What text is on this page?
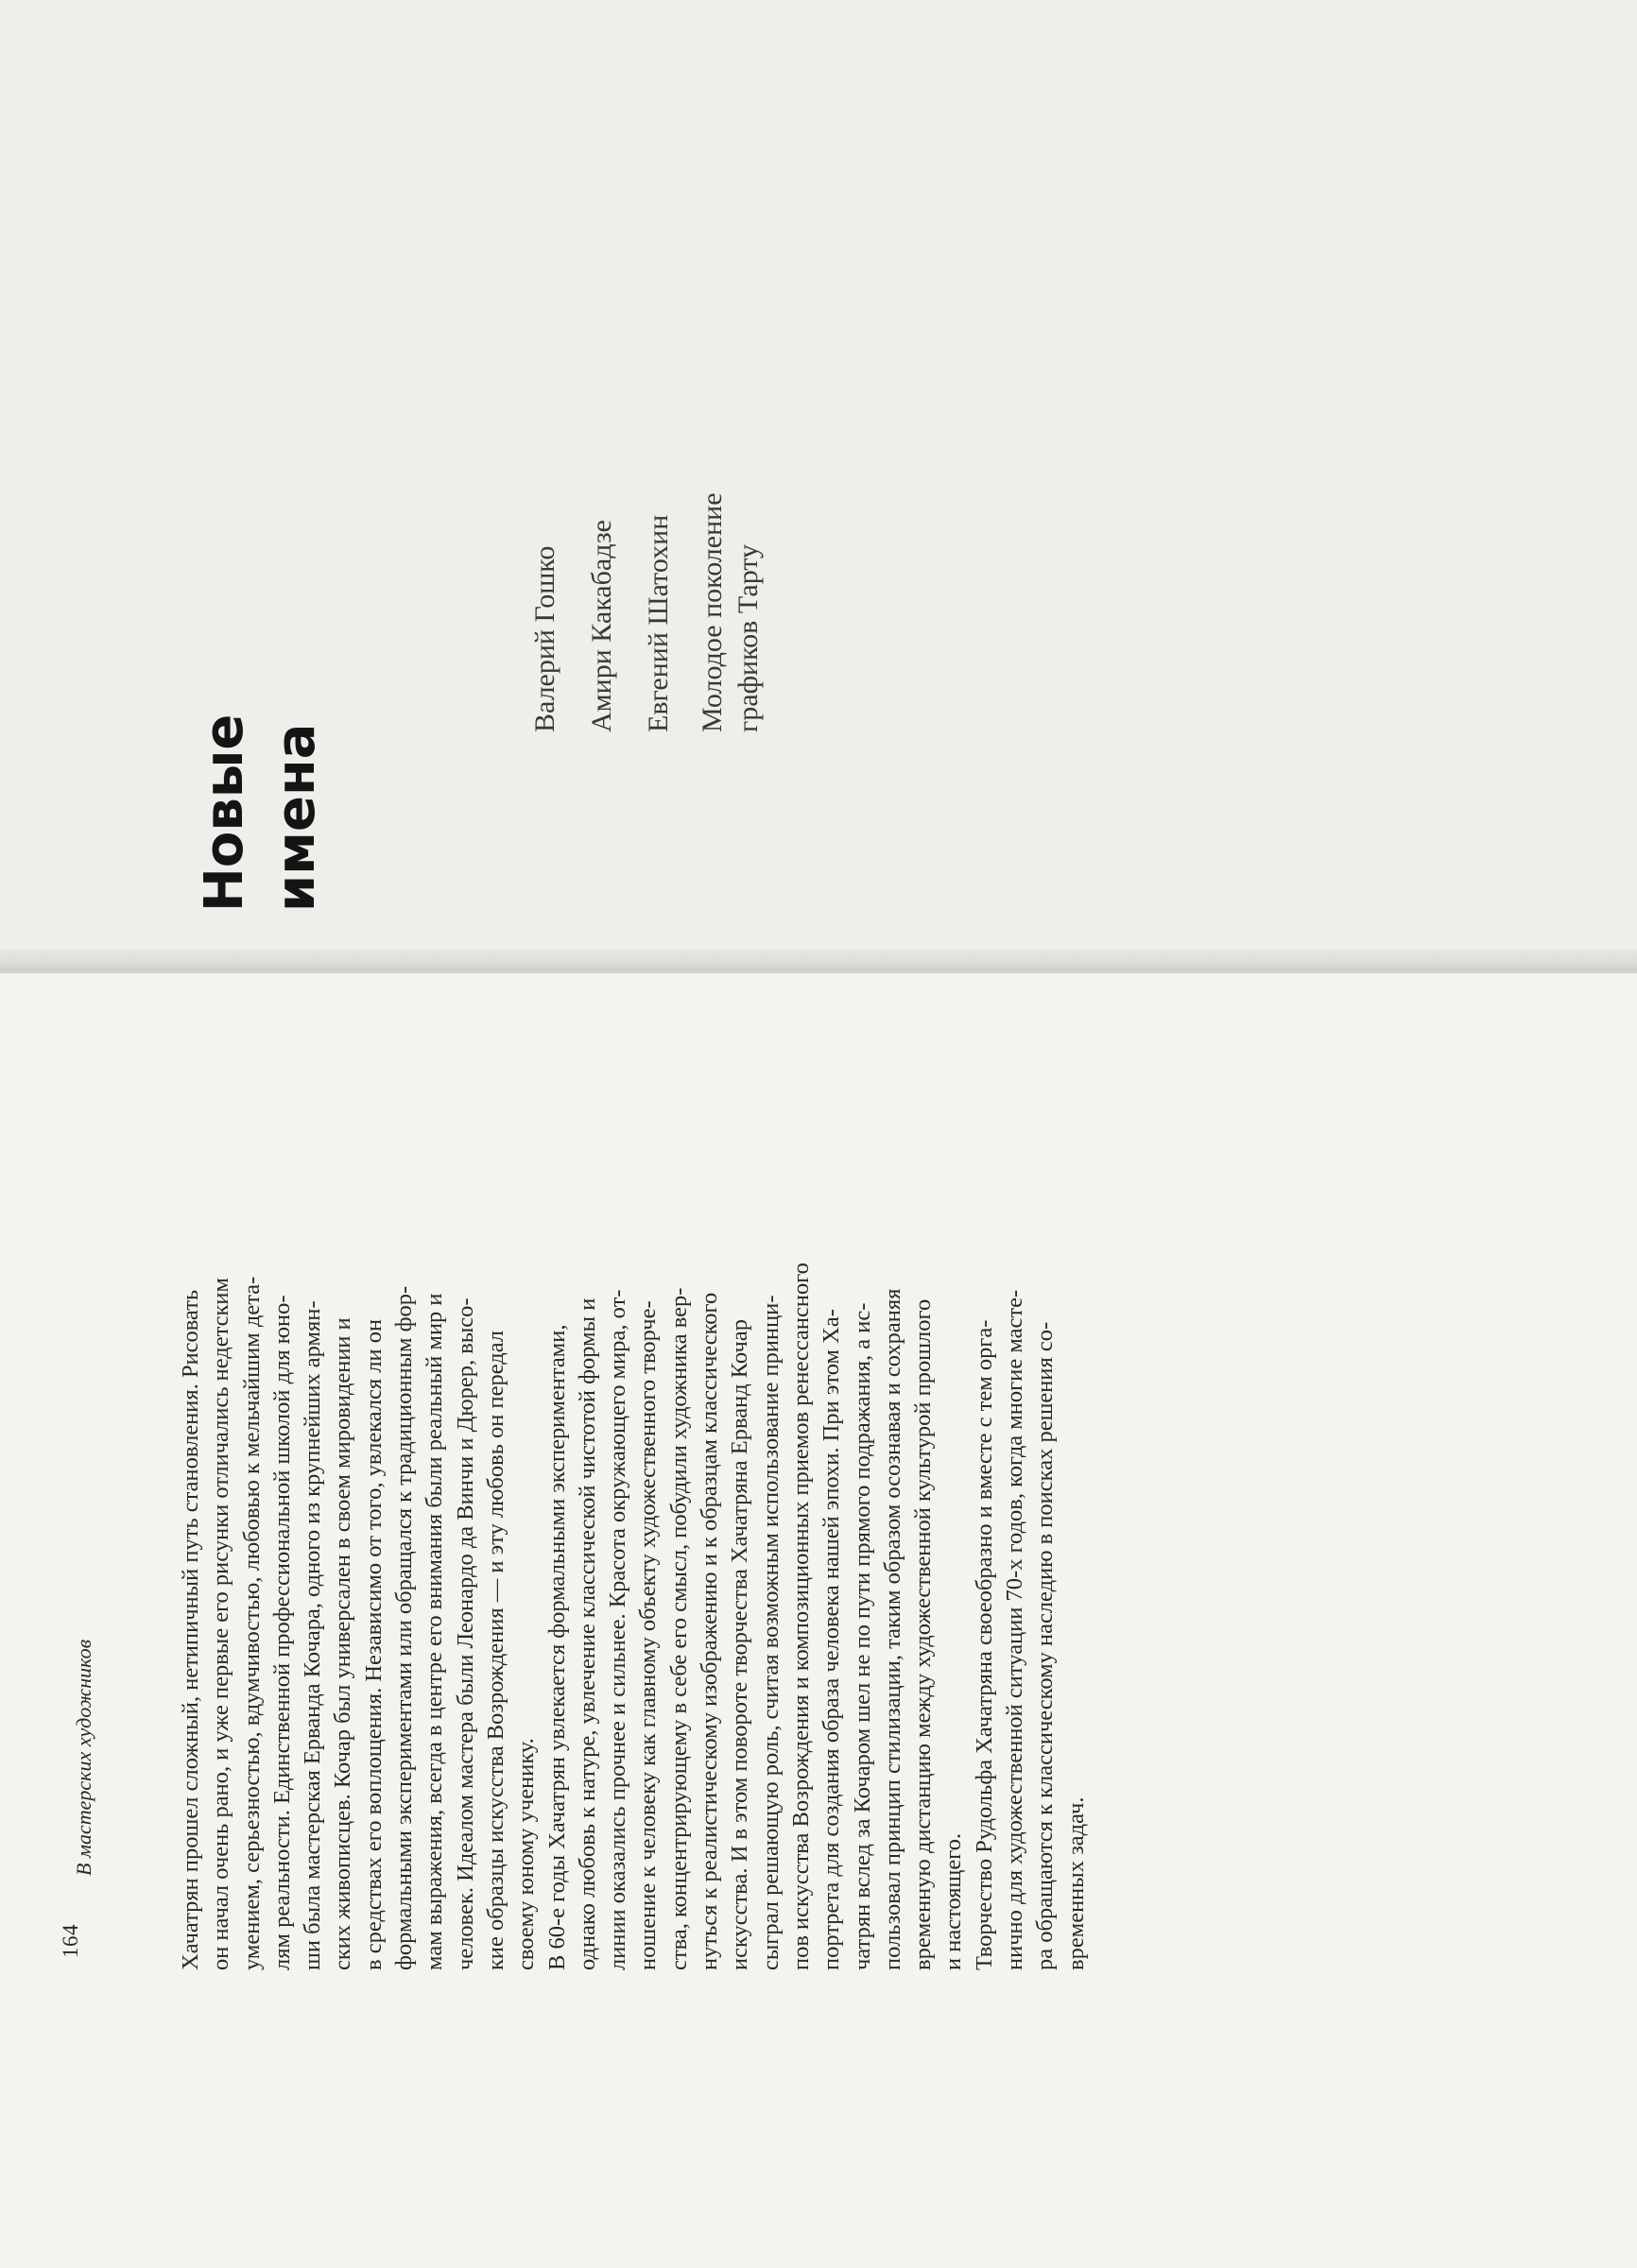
164
В мастерских художников	Хачатрян прошел сложный, нетипичный путь становления. Рисовать он начал очень рано, и уже первые его рисунки отличались недетским умением, серьезностью, вдумчивостью, любовью к мельчайшим дета- лям реальности. Единственной профессиональной школой для юно- ши была мастерская Ервандa Кочара, одного из крупнейших армян- ских живописцев. Кочар был универсален в своем мировидении и в средствах его воплощения. Независимо от того, увлекался ли он формальными экспериментами или обращался к традиционным фор- мам выражения, всегда в центре его внимания были реальный мир и человек. Идеалом мастера были Леонардо да Винчи и Дюрер, высо- кие образцы искусства Возрождения — и эту любовь он передал своему юному ученику. В 60-е годы Хачатрян увлекается формальными экспериментами, однако любовь к натуре, увлечение классической чистотой формы и линии оказались прочнее и сильнее. Красота окружающего мира, от- ношение к человеку как главному объекту художественного творче- ства, концентрирующему в себе его смысл, побудили художника вер- нуться к реалистическому изображению и к образцам классического искусства. И в этом повороте творчества Хачатряна Ерванд Кочар сыграл решающую роль, считая возможным использование принци- пов искусства Возрождения и композиционных приемов ренессансного портрета для создания образа человека нашей эпохи. При этом Ха- чатрян вслед за Кочаром шел не по пути прямого подражания, а ис- пользовал принцип стилизации, таким образом осознавая и сохраняя временную дистанцию между художественной культурой прошлого и настоящего. Творчество Рудольфа Хачатряна своеобразно и вместе с тем орга- нично для художественной ситуации 70-х годов, когда многие масте- ра обращаются к классическому наследию в поисках решения со- временных задач.

Новые имена
Валерий Гошко Амири Какабадзе Евгений Шатохин Молодое поколение графиков Тарту
